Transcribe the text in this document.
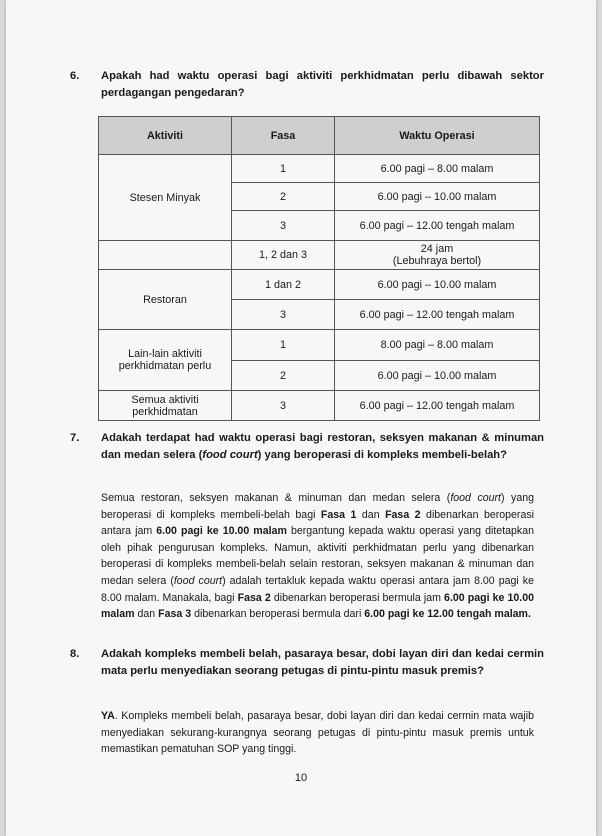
6. Apakah had waktu operasi bagi aktiviti perkhidmatan perlu dibawah sektor perdagangan pengedaran?
Aktiviti	Fasa	Waktu Operasi
Stesen Minyak	1	6.00 pagi – 8.00 malam
	2	6.00 pagi – 10.00 malam
	3	6.00 pagi – 12.00 tengah malam
	1, 2 dan 3	24 jam
(Lebuhraya bertol)

Restoran	1 dan 2	6.00 pagi – 10.00 malam
	3	6.00 pagi – 12.00 tengah malam

Lain-lain aktiviti
perkhidmatan perlu	1	8.00 pagi – 8.00 malam
	2	6.00 pagi – 10.00 malam

Semua aktiviti
perkhidmatan	3	6.00 pagi – 12.00 tengah malam
7. Adakah terdapat had waktu operasi bagi restoran, seksyen makanan & minuman dan medan selera (food court) yang beroperasi di kompleks membeli-belah?
Semua restoran, seksyen makanan & minuman dan medan selera (food court) yang beroperasi di kompleks membeli-belah bagi Fasa 1 dan Fasa 2 dibenarkan beroperasi antara jam 6.00 pagi ke 10.00 malam bergantung kepada waktu operasi yang ditetapkan oleh pihak pengurusan kompleks. Namun, aktiviti perkhidmatan perlu yang dibenarkan beroperasi di kompleks membeli-belah selain restoran, seksyen makanan & minuman dan medan selera (food court) adalah tertakluk kepada waktu operasi antara jam 8.00 pagi ke 8.00 malam. Manakala, bagi Fasa 2 dibenarkan beroperasi bermula jam 6.00 pagi ke 10.00 malam dan Fasa 3 dibenarkan beroperasi bermula dari 6.00 pagi ke 12.00 tengah malam.
8. Adakah kompleks membeli belah, pasaraya besar, dobi layan diri dan kedai cermin mata perlu menyediakan seorang petugas di pintu-pintu masuk premis?
YA. Kompleks membeli belah, pasaraya besar, dobi layan diri dan kedai cermin mata wajib menyediakan sekurang-kurangnya seorang petugas di pintu-pintu masuk premis untuk memastikan pematuhan SOP yang tinggi.
10
